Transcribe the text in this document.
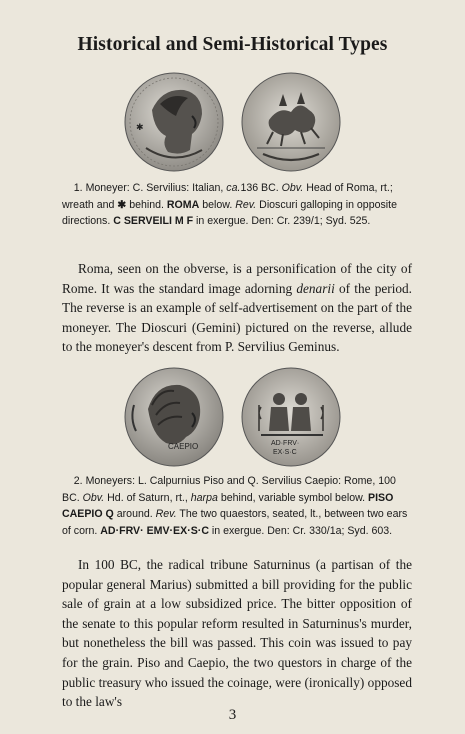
Historical and Semi-Historical Types
✱
1. Moneyer: C. Servilius: Italian, ca.136 BC. Obv. Head of Roma, rt.; wreath and ✱ behind. ROMA below. Rev. Dioscuri galloping in opposite directions. C SERVEILI M F in exergue. Den: Cr. 239/1; Syd. 525.

Roma, seen on the obverse, is a personification of the city of Rome. It was the standard image adorning denarii of the period. The reverse is an example of self-advertisement on the part of the moneyer. The Dioscuri (Gemini) pictured on the reverse, allude to the moneyer's descent from P. Servilius Geminus.

CAEPIO	AD·FRV·
EX·S·C
2. Moneyers: L. Calpurnius Piso and Q. Servilius Caepio: Rome, 100 BC. Obv. Hd. of Saturn, rt., harpa behind, variable symbol below. PISO CAEPIO Q around. Rev. The two quaestors, seated, lt., between two ears of corn. AD·FRV· EMV·EX·S·C in exergue. Den: Cr. 330/1a; Syd. 603.

In 100 BC, the radical tribune Saturninus (a partisan of the popular general Marius) submitted a bill providing for the public sale of grain at a low subsidized price. The bitter opposition of the senate to this popular reform resulted in Saturninus's murder, but nonetheless the bill was passed. This coin was issued to pay for the grain. Piso and Caepio, the two questors in charge of the public treasury who issued the coinage, were (ironically) opposed to the law's

3
